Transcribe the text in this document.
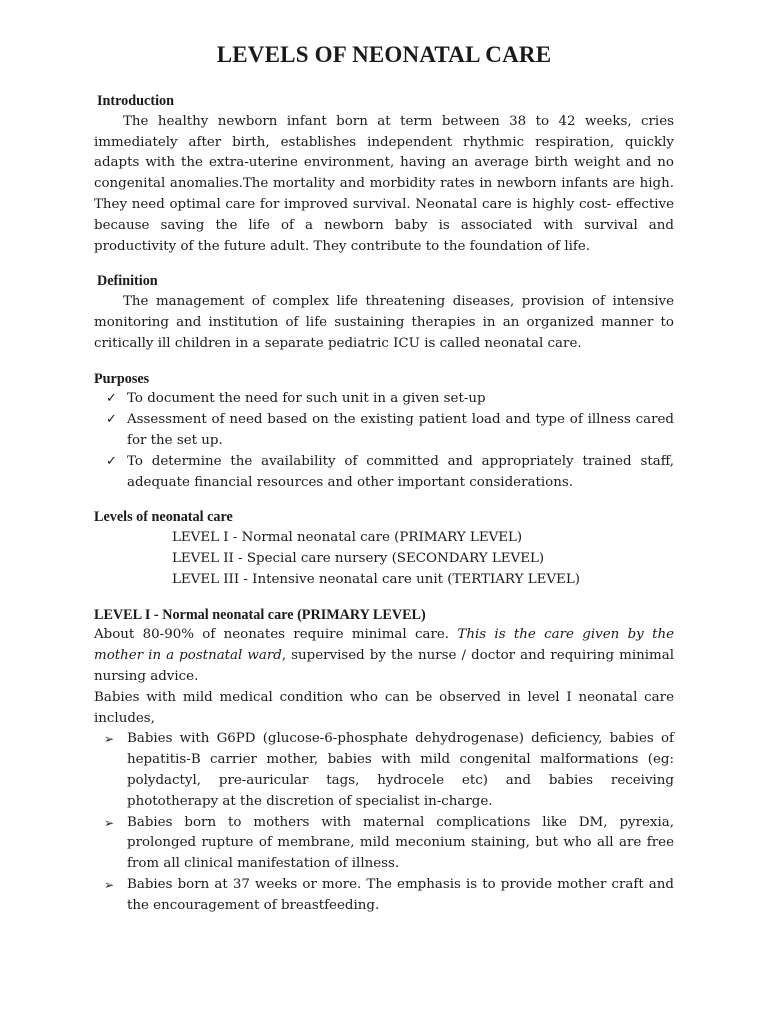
LEVELS OF NEONATAL CARE

Introduction

The healthy newborn infant born at term between 38 to 42 weeks, cries immediately after birth, establishes independent rhythmic respiration, quickly adapts with the extra-uterine environment, having an average birth weight and no congenital anomalies.The mortality and morbidity rates in newborn infants are high. They need optimal care for improved survival. Neonatal care is highly cost- effective because saving the life of a newborn baby is associated with survival and productivity of the future adult. They contribute to the foundation of life.

Definition

The management of complex life threatening diseases, provision of intensive monitoring and institution of life sustaining therapies in an organized manner to critically ill children in a separate pediatric ICU is called neonatal care.

Purposes

✓ To document the need for such unit in a given set-up
✓ Assessment of need based on the existing patient load and type of illness cared for the set up.
✓ To determine the availability of committed and appropriately trained staff, adequate financial resources and other important considerations.

Levels of neonatal care

LEVEL I - Normal neonatal care (PRIMARY LEVEL)

LEVEL II - Special care nursery (SECONDARY LEVEL)

LEVEL III - Intensive neonatal care unit (TERTIARY LEVEL)

LEVEL I - Normal neonatal care (PRIMARY LEVEL)

About 80-90% of neonates require minimal care. This is the care given by the mother in a postnatal ward, supervised by the nurse / doctor and requiring minimal nursing advice.

Babies with mild medical condition who can be observed in level I neonatal care includes,

➢ Babies with G6PD (glucose-6-phosphate dehydrogenase) deficiency, babies of hepatitis-B carrier mother, babies with mild congenital malformations (eg: polydactyl, pre-auricular tags, hydrocele etc) and babies receiving phototherapy at the discretion of specialist in-charge.
➢ Babies born to mothers with maternal complications like DM, pyrexia, prolonged rupture of membrane, mild meconium staining, but who all are free from all clinical manifestation of illness.
➢ Babies born at 37 weeks or more. The emphasis is to provide mother craft and the encouragement of breastfeeding.
